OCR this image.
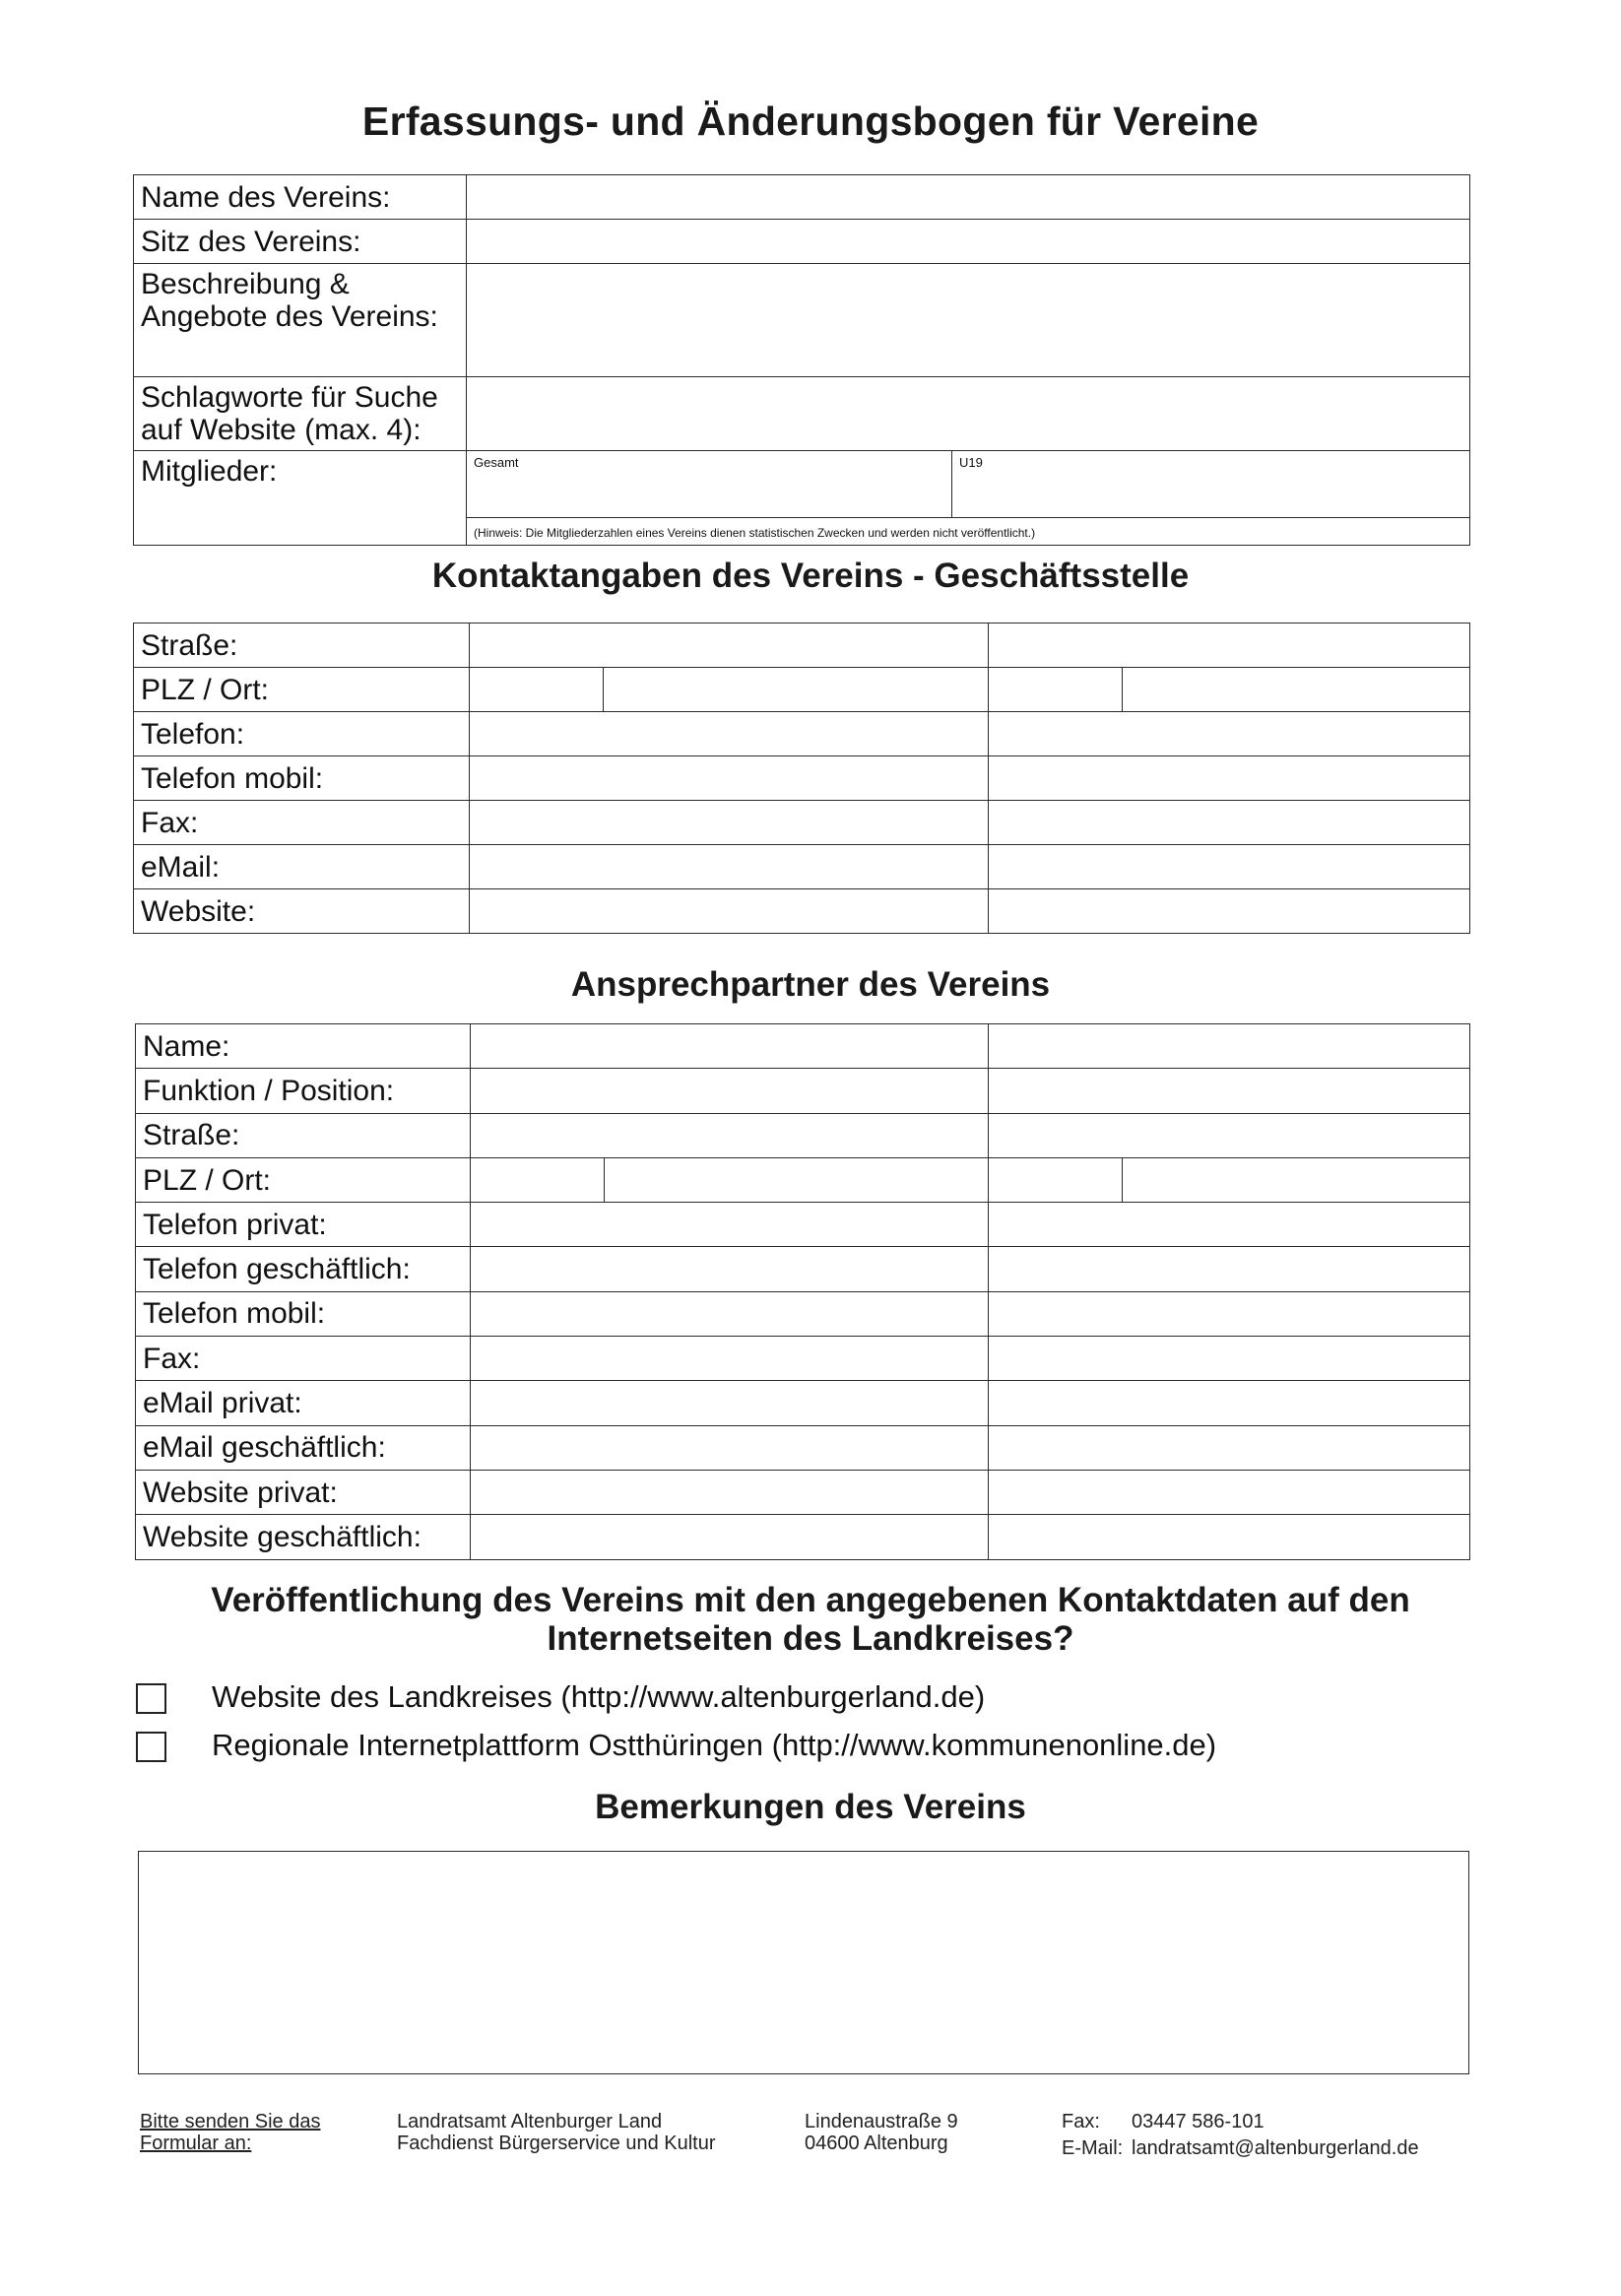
Erfassungs- und Änderungsbogen für Vereine
Name des Vereins:		
Sitz des Vereins:		
Beschreibung & Angebote des Vereins:		
Schlagworte für Suche auf Website (max. 4):		
Mitglieder:	Gesamt	U19
	(Hinweis: Die Mitgliederzahlen eines Vereins dienen statistischen Zwecken und werden nicht veröffentlicht.)	
Kontaktangaben des Vereins - Geschäftsstelle
Straße:				
PLZ / Ort:				
Telefon:				
Telefon mobil:				
Fax:				
eMail:				
Website:				
Ansprechpartner des Vereins
Name:				
Funktion / Position:				
Straße:				
PLZ / Ort:				
Telefon privat:				
Telefon geschäftlich:				
Telefon mobil:				
Fax:				
eMail privat:				
eMail geschäftlich:				
Website privat:				
Website geschäftlich:				
Veröffentlichung des Vereins mit den angegebenen Kontaktdaten auf den Internetseiten des Landkreises?
Website des Landkreises (http://www.altenburgerland.de)
Regionale Internetplattform Ostthüringen (http://www.kommunenonline.de)
Bemerkungen des Vereins
Bitte senden Sie das
Formular an:
Landratsamt Altenburger Land
Fachdienst Bürgerservice und Kultur
Lindenaustraße 9
04600 Altenburg
Fax:	03447 586-101
E-Mail: landratsamt@altenburgerland.de
